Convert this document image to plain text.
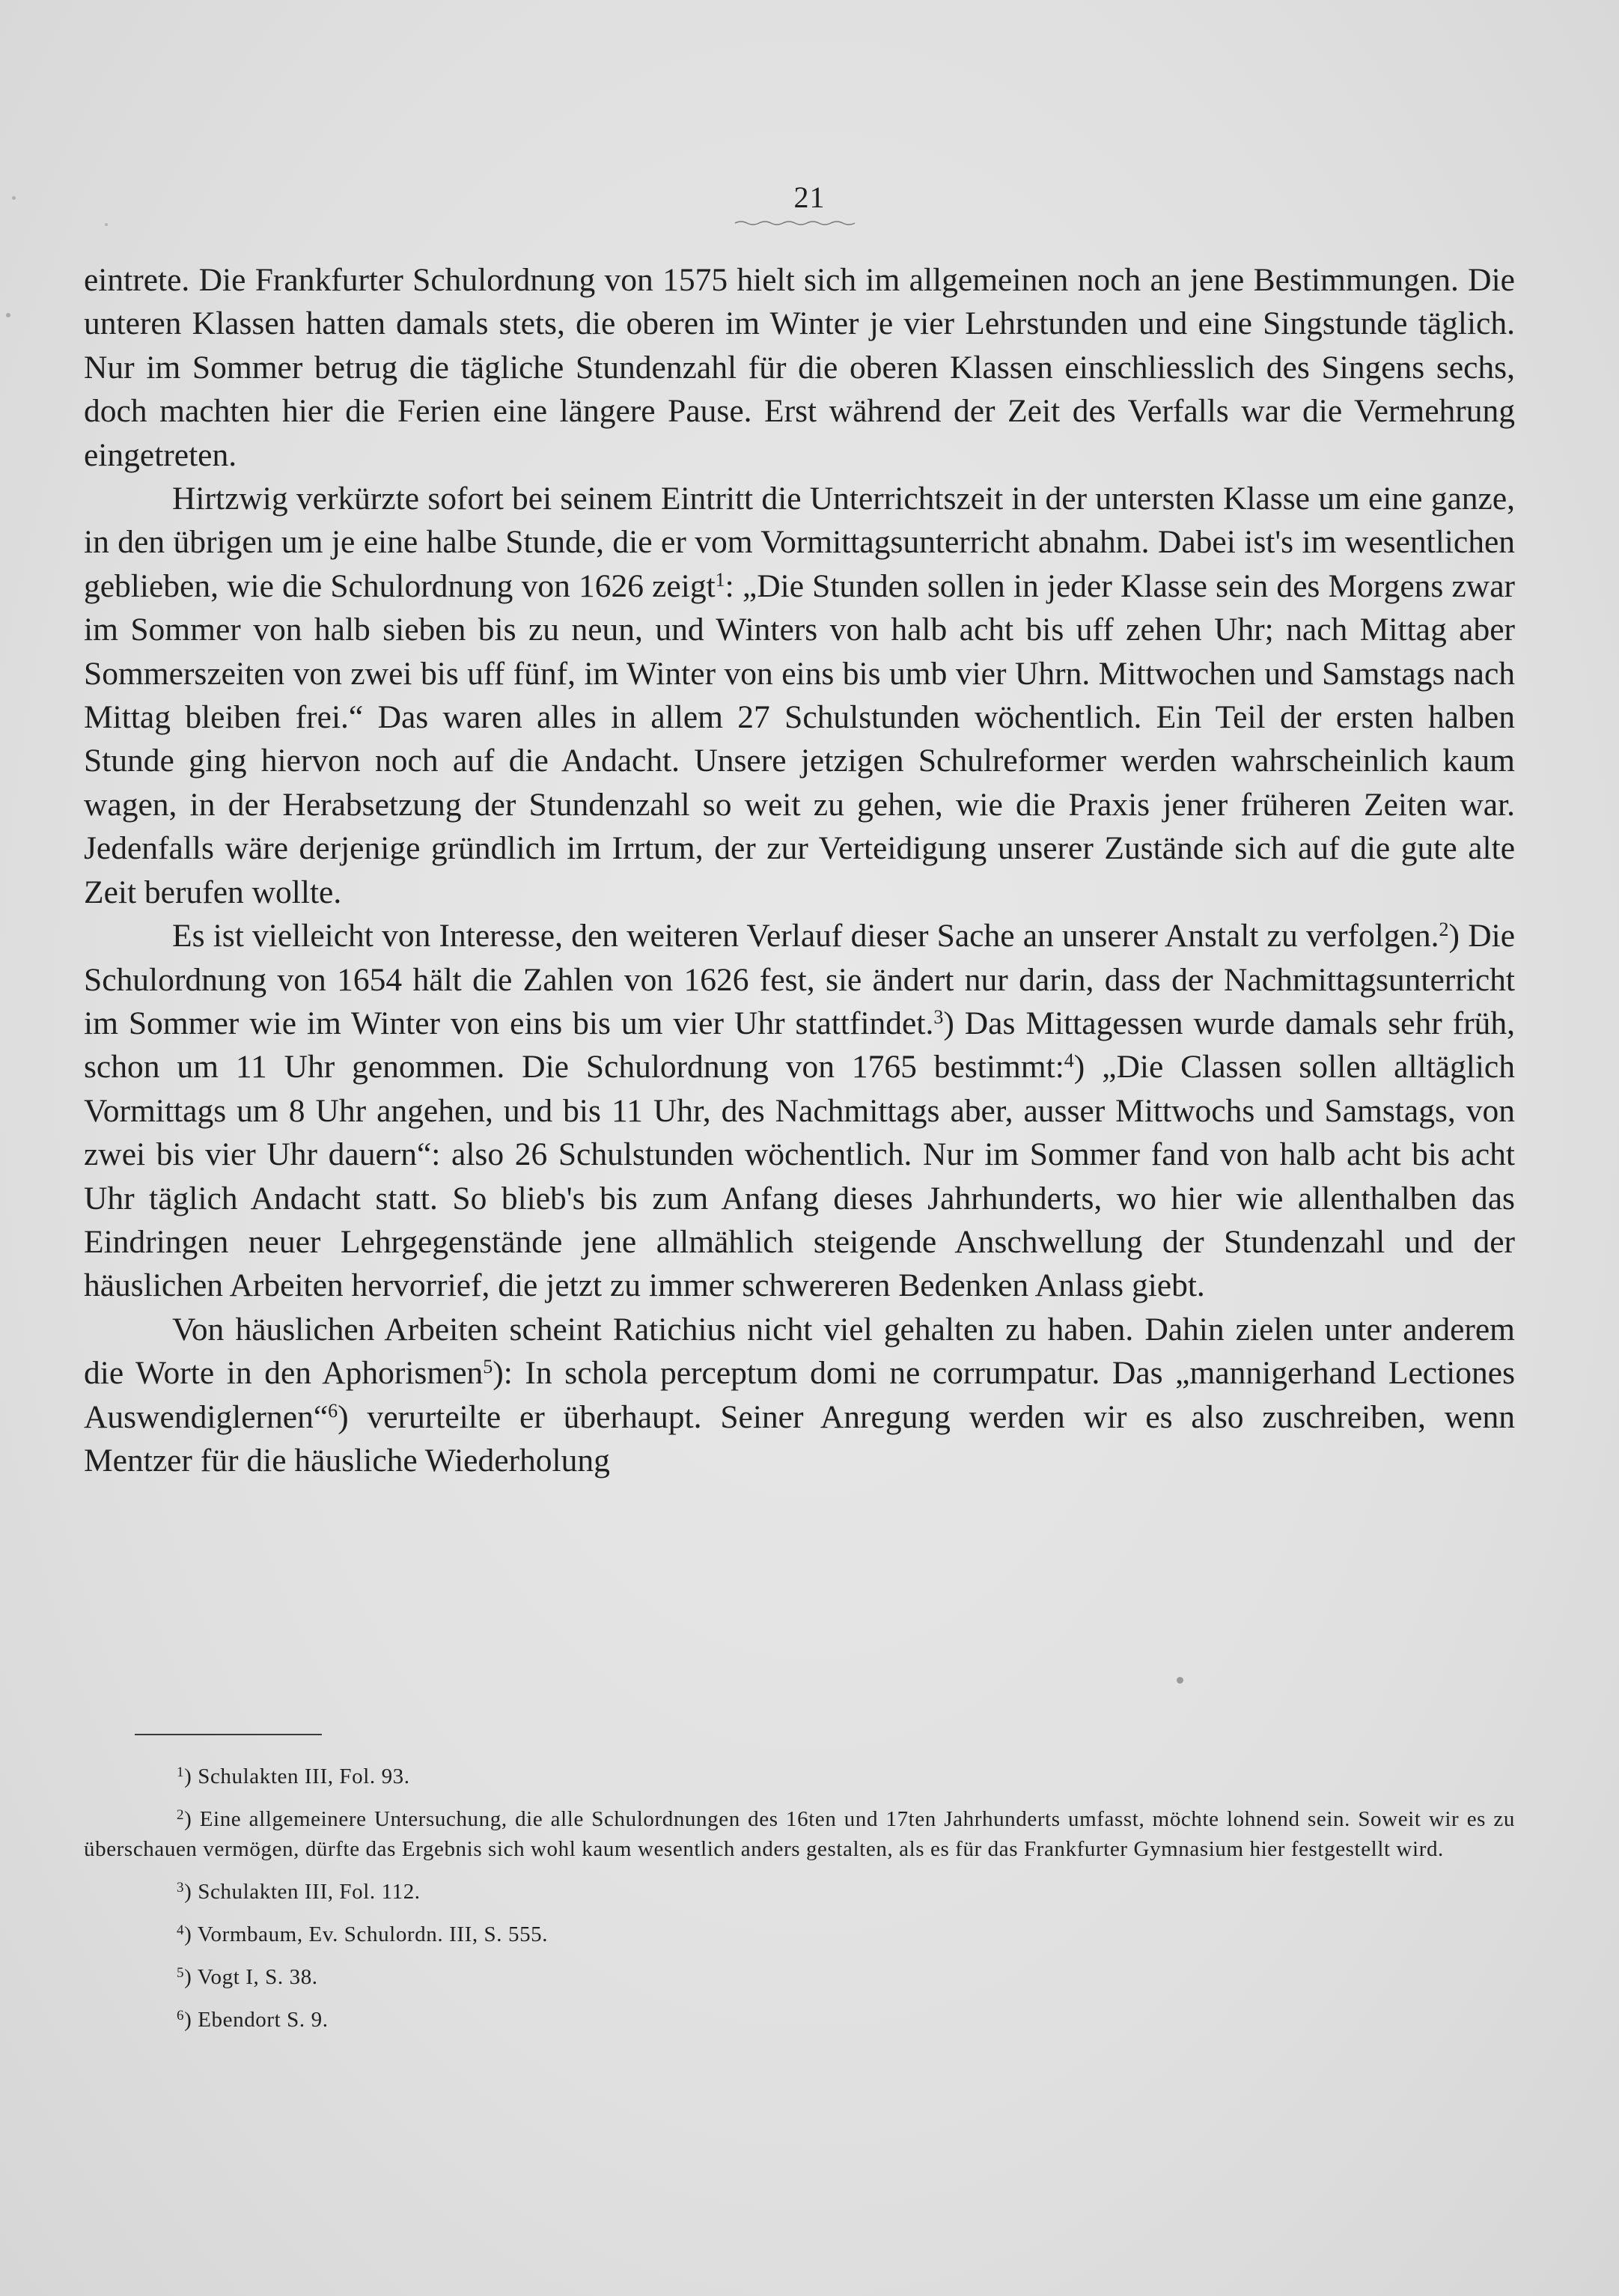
21

eintrete. Die Frankfurter Schulordnung von 1575 hielt sich im allgemeinen noch an jene Bestimmungen. Die unteren Klassen hatten damals stets, die oberen im Winter je vier Lehrstunden und eine Singstunde täglich. Nur im Sommer betrug die tägliche Stundenzahl für die oberen Klassen einschliesslich des Singens sechs, doch machten hier die Ferien eine längere Pause. Erst während der Zeit des Verfalls war die Vermehrung eingetreten.

Hirtzwig verkürzte sofort bei seinem Eintritt die Unterrichtszeit in der untersten Klasse um eine ganze, in den übrigen um je eine halbe Stunde, die er vom Vormittagsunterricht abnahm. Dabei ist's im wesentlichen geblieben, wie die Schulordnung von 1626 zeigt$^1$: „Die Stunden sollen in jeder Klasse sein des Morgens zwar im Sommer von halb sieben bis zu neun, und Winters von halb acht bis uff zehen Uhr; nach Mittag aber Sommerszeiten von zwei bis uff fünf, im Winter von eins bis umb vier Uhrn. Mittwochen und Samstags nach Mittag bleiben frei.“ Das waren alles in allem 27 Schulstunden wöchentlich. Ein Teil der ersten halben Stunde ging hiervon noch auf die Andacht. Unsere jetzigen Schulreformer werden wahrscheinlich kaum wagen, in der Herabsetzung der Stundenzahl so weit zu gehen, wie die Praxis jener früheren Zeiten war. Jedenfalls wäre derjenige gründlich im Irrtum, der zur Verteidigung unserer Zustände sich auf die gute alte Zeit berufen wollte.

Es ist vielleicht von Interesse, den weiteren Verlauf dieser Sache an unserer Anstalt zu verfolgen.$^2$) Die Schulordnung von 1654 hält die Zahlen von 1626 fest, sie ändert nur darin, dass der Nachmittagsunterricht im Sommer wie im Winter von eins bis um vier Uhr stattfindet.$^3$) Das Mittagessen wurde damals sehr früh, schon um 11 Uhr genommen. Die Schulordnung von 1765 bestimmt:$^4$) „Die Classen sollen alltäglich Vormittags um 8 Uhr angehen, und bis 11 Uhr, des Nachmittags aber, ausser Mittwochs und Samstags, von zwei bis vier Uhr dauern“: also 26 Schulstunden wöchentlich. Nur im Sommer fand von halb acht bis acht Uhr täglich Andacht statt. So blieb's bis zum Anfang dieses Jahrhunderts, wo hier wie allenthalben das Eindringen neuer Lehrgegenstände jene allmählich steigende Anschwellung der Stundenzahl und der häuslichen Arbeiten hervorrief, die jetzt zu immer schwereren Bedenken Anlass giebt.

Von häuslichen Arbeiten scheint Ratichius nicht viel gehalten zu haben. Dahin zielen unter anderem die Worte in den Aphorismen$^5$): In schola perceptum domi ne corrumpatur. Das „mannigerhand Lectiones Auswendiglernen“$^6$) verurteilte er überhaupt. Seiner Anregung werden wir es also zuschreiben, wenn Mentzer für die häusliche Wiederholung

$^1$) Schulakten III, Fol. 93.
$^2$) Eine allgemeinere Untersuchung, die alle Schulordnungen des 16ten und 17ten Jahrhunderts umfasst, möchte lohnend sein. Soweit wir es zu überschauen vermögen, dürfte das Ergebnis sich wohl kaum wesentlich anders gestalten, als es für das Frankfurter Gymnasium hier festgestellt wird.
$^3$) Schulakten III, Fol. 112.
$^4$) Vormbaum, Ev. Schulordn. III, S. 555.
$^5$) Vogt I, S. 38.
$^6$) Ebendort S. 9.
